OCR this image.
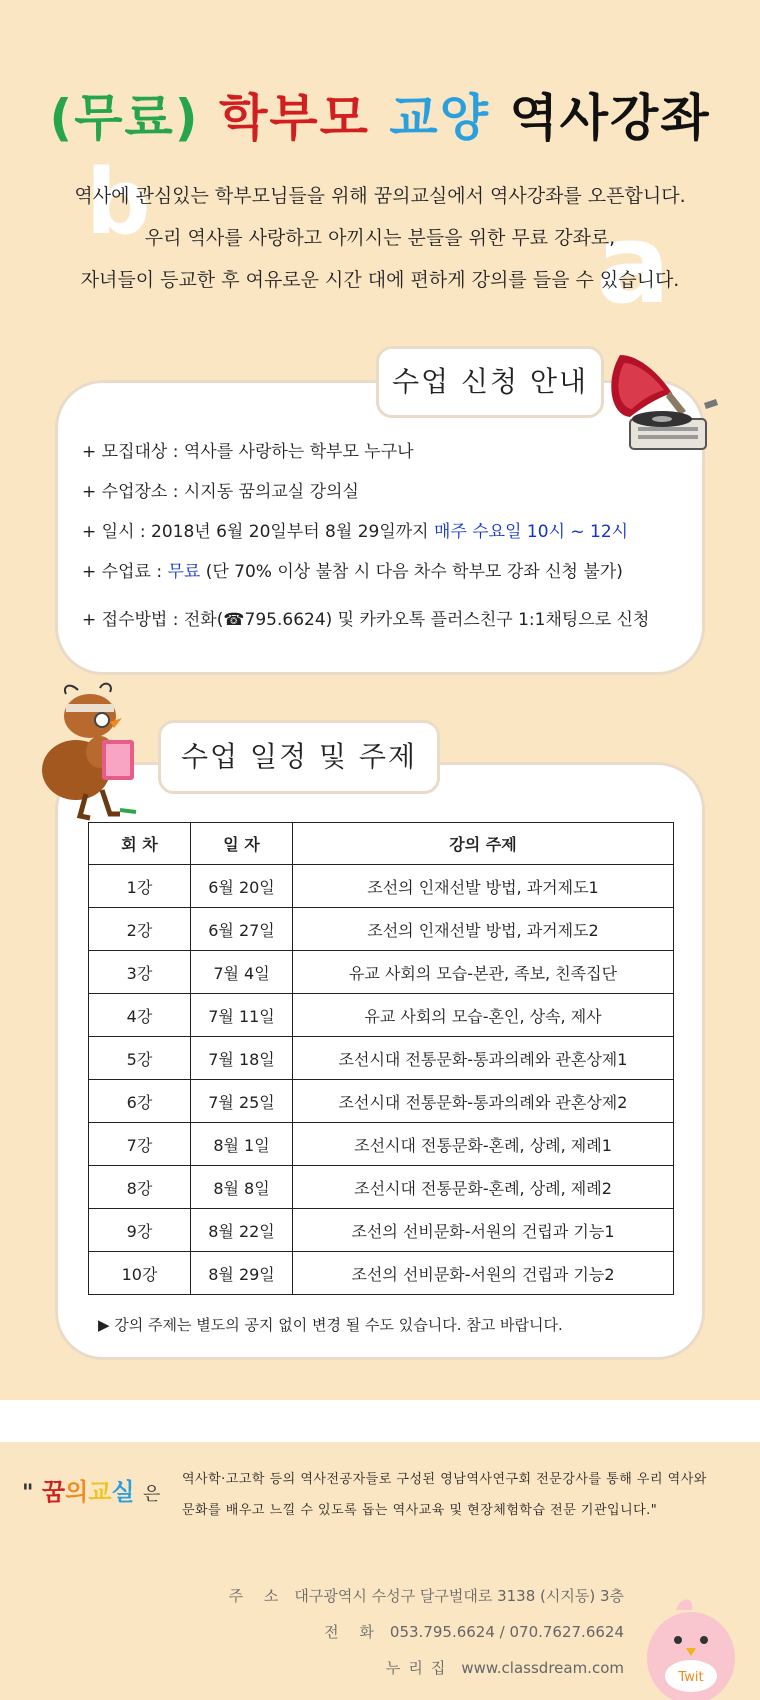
b	a
(무료) 학부모 교양 역사강좌

역사에 관심있는 학부모님들을 위해 꿈의교실에서 역사강좌를 오픈합니다.

우리 역사를 사랑하고 아끼시는 분들을 위한 무료 강좌로,

자녀들이 등교한 후 여유로운 시간 대에 편하게 강의를 들을 수 있습니다.

수업 신청 안내
+ 모집대상 : 역사를 사랑하는 학부모 누구나
+ 수업장소 : 시지동 꿈의교실 강의실
+ 일시 : 2018년 6월 20일부터 8월 29일까지 매주 수요일 10시 ~ 12시
+ 수업료 : 무료 (단 70% 이상 불참 시 다음 차수 학부모 강좌 신청 불가)
+ 접수방법 : 전화(☎795.6624) 및 카카오톡 플러스친구 1:1채팅으로 신청
수업 일정 및 주제
회 차	일 자	강의 주제
1강	6월 20일	조선의 인재선발 방법, 과거제도1
2강	6월 27일	조선의 인재선발 방법, 과거제도2
3강	7월 4일	유교 사회의 모습-본관, 족보, 친족집단
4강	7월 11일	유교 사회의 모습-혼인, 상속, 제사
5강	7월 18일	조선시대 전통문화-통과의례와 관혼상제1
6강	7월 25일	조선시대 전통문화-통과의례와 관혼상제2
7강	8월 1일	조선시대 전통문화-혼례, 상례, 제례1
8강	8월 8일	조선시대 전통문화-혼례, 상례, 제례2
9강	8월 22일	조선의 선비문화-서원의 건립과 기능1
10강	8월 29일	조선의 선비문화-서원의 건립과 기능2

▶ 강의 주제는 별도의 공지 없이 변경 될 수도 있습니다. 참고 바랍니다.

" 꿈의교실 은

역사학·고고학 등의 역사전공자들로 구성된 영남역사연구회 전문강사를 통해 우리 역사와

문화를 배우고 느낄 수 있도록 돕는 역사교육 및 현장체험학습 전문 기관입니다."

주 소 대구광역시 수성구 달구벌대로 3138 (시지동) 3층

전 화 053.795.6624 / 070.7627.6624

누리집 www.classdream.com

Twit
